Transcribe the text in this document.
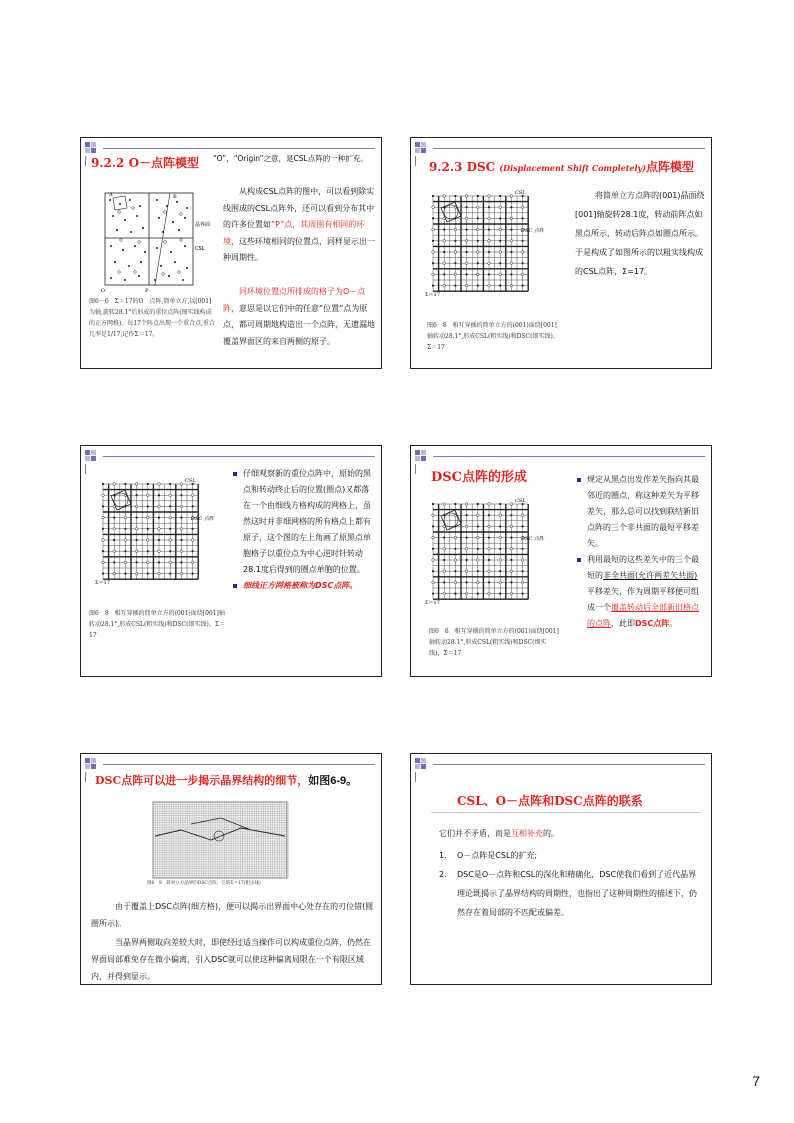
9.2.2 O－点阵模型 “O”，“Origin”之意，是CSL点阵的一种扩充。
B
晶界面
CSL
O	P
A
图6－6　Σ＝17的O　点阵,简单立方,以[001]为轴,旋转28.1°后形成的重位点阵(图实线构成的正方网格)。每17个阵点出现一个重合点,重合几率是1/17,记作Σ＝17。
从构成CSL点阵的图中，可以看到除实线围成的CSL点阵外，还可以看到分布其中的许多位置如“P”点，其周围有相同的环境，这些环境相同的位置点，同样显示出一种周期性。
同环境位置点所排成的格子为O－点阵，意思是以它们中的任意“位置”点为原点，都可周期地构造出一个点阵，无遗漏地覆盖界面区的来自两侧的原子。
9.2.3 DSC (Displacement Shift Completely)点阵模型
CSL
DSC 点阵
Σ＝17
图6　8　相互穿插的简单立方的(001)面绕[001]轴转动28.1°,形成CSL(粗实线)和DSC(细实线)，Σ＝17
将简单立方点阵的(001)晶面绕[001]轴旋转28.1度，转动前阵点如黑点所示，转动后阵点如圈点所示。于是构成了如图所示的以粗实线构成的CSL点阵，Σ=17。
CSL
DSC 点阵
Σ＝17
图6　8　相互穿插的简单立方的(001)面绕[001]轴转动28.1°,形成CSL(粗实线)和DSC(细实线)，Σ＝17
仔细观察新的重位点阵中，原始的黑点和转动终止后的位置(圈点)又都落在一个由细线方格构成的网格上，虽然这时并非细网格的所有格点上都有原子，这个图的左上角画了原黑点单胞格子以重位点为中心逆时针转动28.1度后得到的圈点单胞的位置。
细线正方网格被称为DSC点阵。
DSC点阵的形成
CSL
DSC 点阵
Σ＝17
图6　8　相互穿插的简单立方的(001)面绕[001]轴转动28.1°,形成CSL(粗实线)和DSC(细实线)，Σ＝17
规定从黑点出发作差矢指向其最邻近的圈点，称这种差矢为平移差矢，那么总可以找到联结新旧点阵的三个非共面的最短平移差矢。
利用最短的这些差矢中的三个最短的非全共面(允许两差矢共面)平移差矢，作为周期平移便可组成一个覆盖转动后全部新旧格点的点阵，此即DSC点阵。
DSC点阵可以进一步揭示晶界结构的细节，如图6-9。
图6　9　简单立方晶界的DSC点阵，它的Σ＝17(粗实线)
由于覆盖上DSC点阵(细方格)，便可以揭示出界面中心处存在的刃位错(圆圈所示)。
当晶界两侧取向差较大时，即使经过适当操作可以构成重位点阵，仍然在界面局部难免存在微小偏离，引入DSC就可以使这种偏离局限在一个有限区域内，并得到显示。
CSL、O－点阵和DSC点阵的联系
它们并不矛盾，而是互相补充的。
1. O－点阵是CSL的扩充;
2. DSC是O－点阵和CSL的深化和精确化，DSC使我们看到了近代晶界理论既揭示了晶界结构的周期性，也指出了这种周期性的描述下，仍然存在着局部的不匹配或偏差。
7
